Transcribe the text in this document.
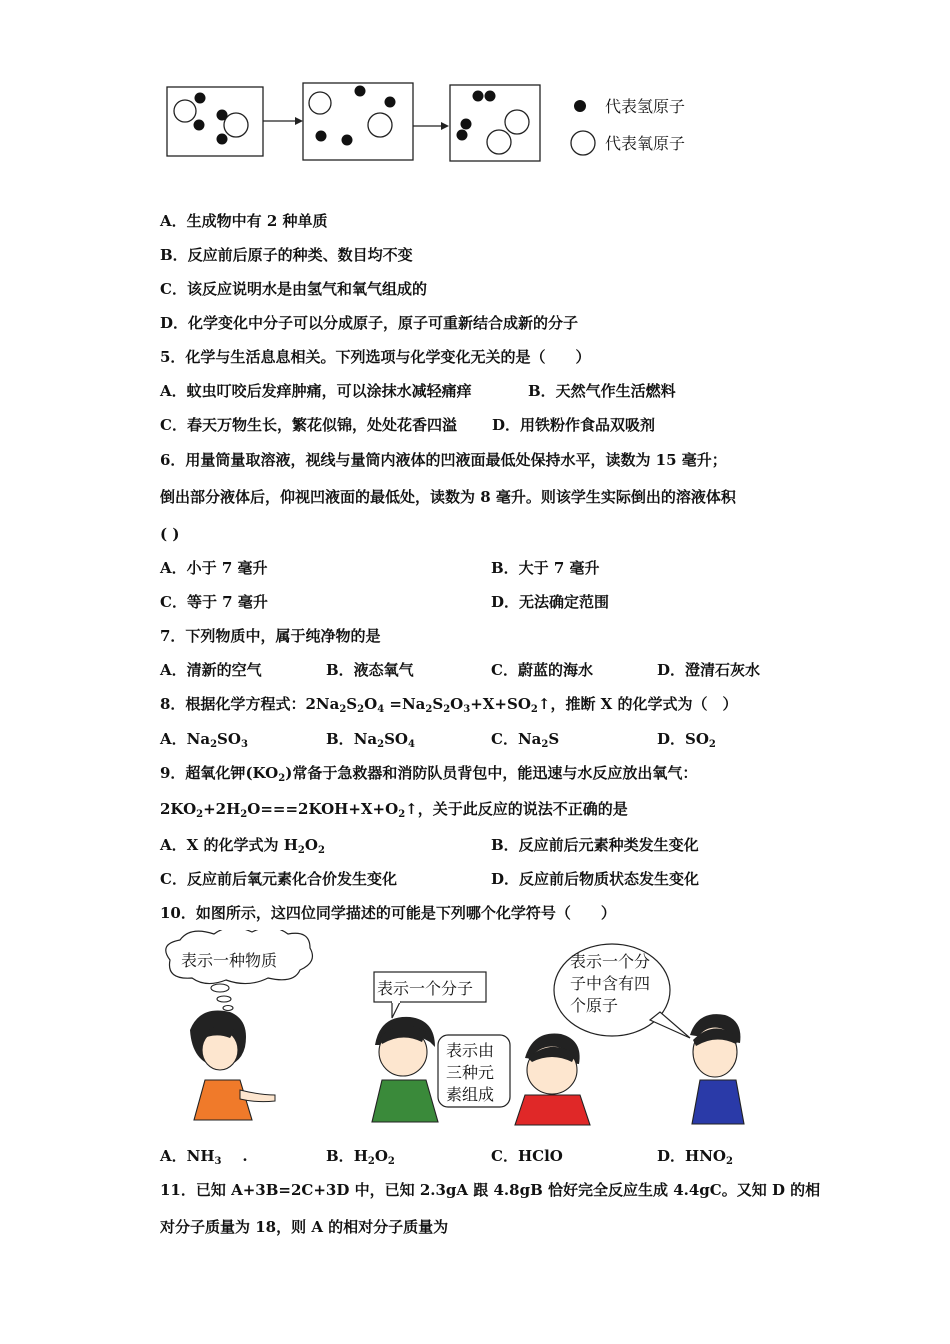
代表氢原子
代表氧原子
A．生成物中有 2 种单质
B．反应前后原子的种类、数目均不变
C．该反应说明水是由氢气和氧气组成的
D．化学变化中分子可以分成原子，原子可重新结合成新的分子
5．化学与生活息息相关。下列选项与化学变化无关的是（　　）
A．蚊虫叮咬后发痒肿痛，可以涂抹水减轻痛痒	B．天然气作生活燃料
C．春天万物生长，繁花似锦，处处花香四溢 D．用铁粉作食品双吸剂
6．用量筒量取溶液，视线与量筒内液体的凹液面最低处保持水平，读数为 15 毫升；
倒出部分液体后，仰视凹液面的最低处，读数为 8 毫升。则该学生实际倒出的溶液体积
( )
A．小于 7 毫升	B．大于 7 毫升
C．等于 7 毫升	D．无法确定范围
7．下列物质中，属于纯净物的是
A．清新的空气	B．液态氧气	C．蔚蓝的海水	D．澄清石灰水
8．根据化学方程式：$2Na_2S_2O_4$ $=Na_2S_2O_3+X+SO_2↑$，推断 X 的化学式为（　）
A．$Na_2SO_3$	B．$Na_2SO_4$	C．$Na_2S$	D．$SO_2$
9．超氧化钾$(KO_2)$常备于急救器和消防队员背包中，能迅速与水反应放出氧气：
$2KO_2+2H_2O===2KOH+X+O_2↑$，关于此反应的说法不正确的是
A．X 的化学式为 $H_2O_2$	B．反应前后元素种类发生变化
C．反应前后氧元素化合价发生变化	D．反应前后物质状态发生变化
10．如图所示，这四位同学描述的可能是下列哪个化学符号（　　）
表示一种物质
表示一个分子
表示由
三种元
素组成
表示一个分
子中含有四
个原子
A．$NH_3$ .	B．$H_2O_2$	C．HClO	D．$HNO_2$
11．已知 A+3B=2C+3D 中，已知 2.3gA 跟 4.8gB 恰好完全反应生成 4.4gC。又知 D 的相
对分子质量为 18，则 A 的相对分子质量为
